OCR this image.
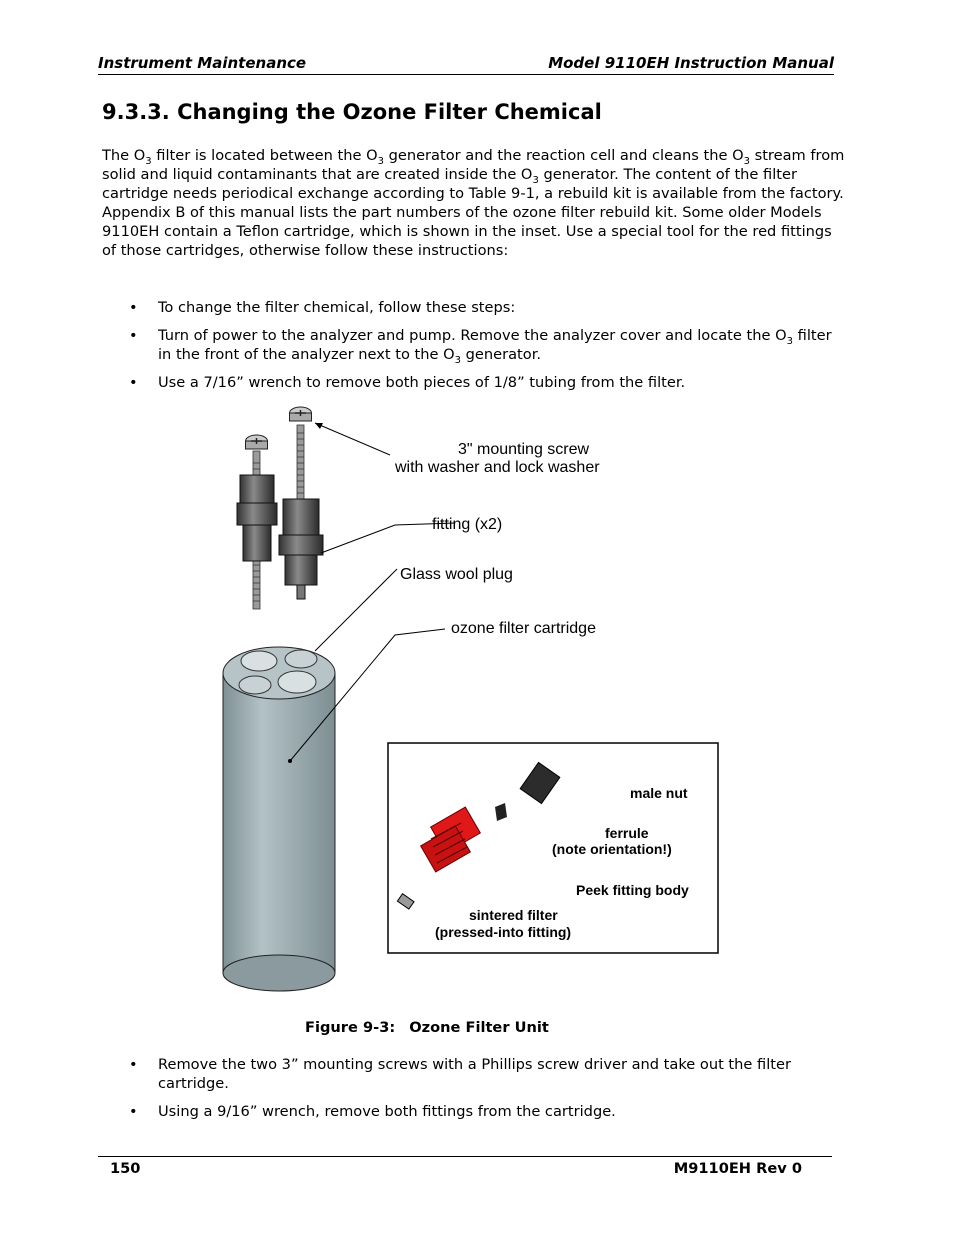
Instrument Maintenance	Model 9110EH Instruction Manual
9.3.3. Changing the Ozone Filter Chemical

The $O_3$ filter is located between the $O_3$ generator and the reaction cell and cleans the $O_3$ stream from solid and liquid contaminants that are created inside the $O_3$ generator. The content of the filter cartridge needs periodical exchange according to Table 9-1, a rebuild kit is available from the factory. Appendix B of this manual lists the part numbers of the ozone filter rebuild kit. Some older Models 9110EH contain a Teflon cartridge, which is shown in the inset. Use a special tool for the red fittings of those cartridges, otherwise follow these instructions:

• To change the filter chemical, follow these steps:
• Turn of power to the analyzer and pump. Remove the analyzer cover and locate the $O_3$ filter in the front of the analyzer next to the $O_3$ generator.
• Use a 7/16” wrench to remove both pieces of 1/8” tubing from the filter.
3" mounting screw
with washer and lock washer
fitting (x2)
Glass wool plug
ozone filter cartridge
male nut
ferrule
(note orientation!)
Peek fitting body
sintered filter
(pressed-into fitting)
Figure 9-3: Ozone Filter Unit
• Remove the two 3” mounting screws with a Phillips screw driver and take out the filter cartridge.
• Using a 9/16” wrench, remove both fittings from the cartridge.
150	M9110EH Rev 0
